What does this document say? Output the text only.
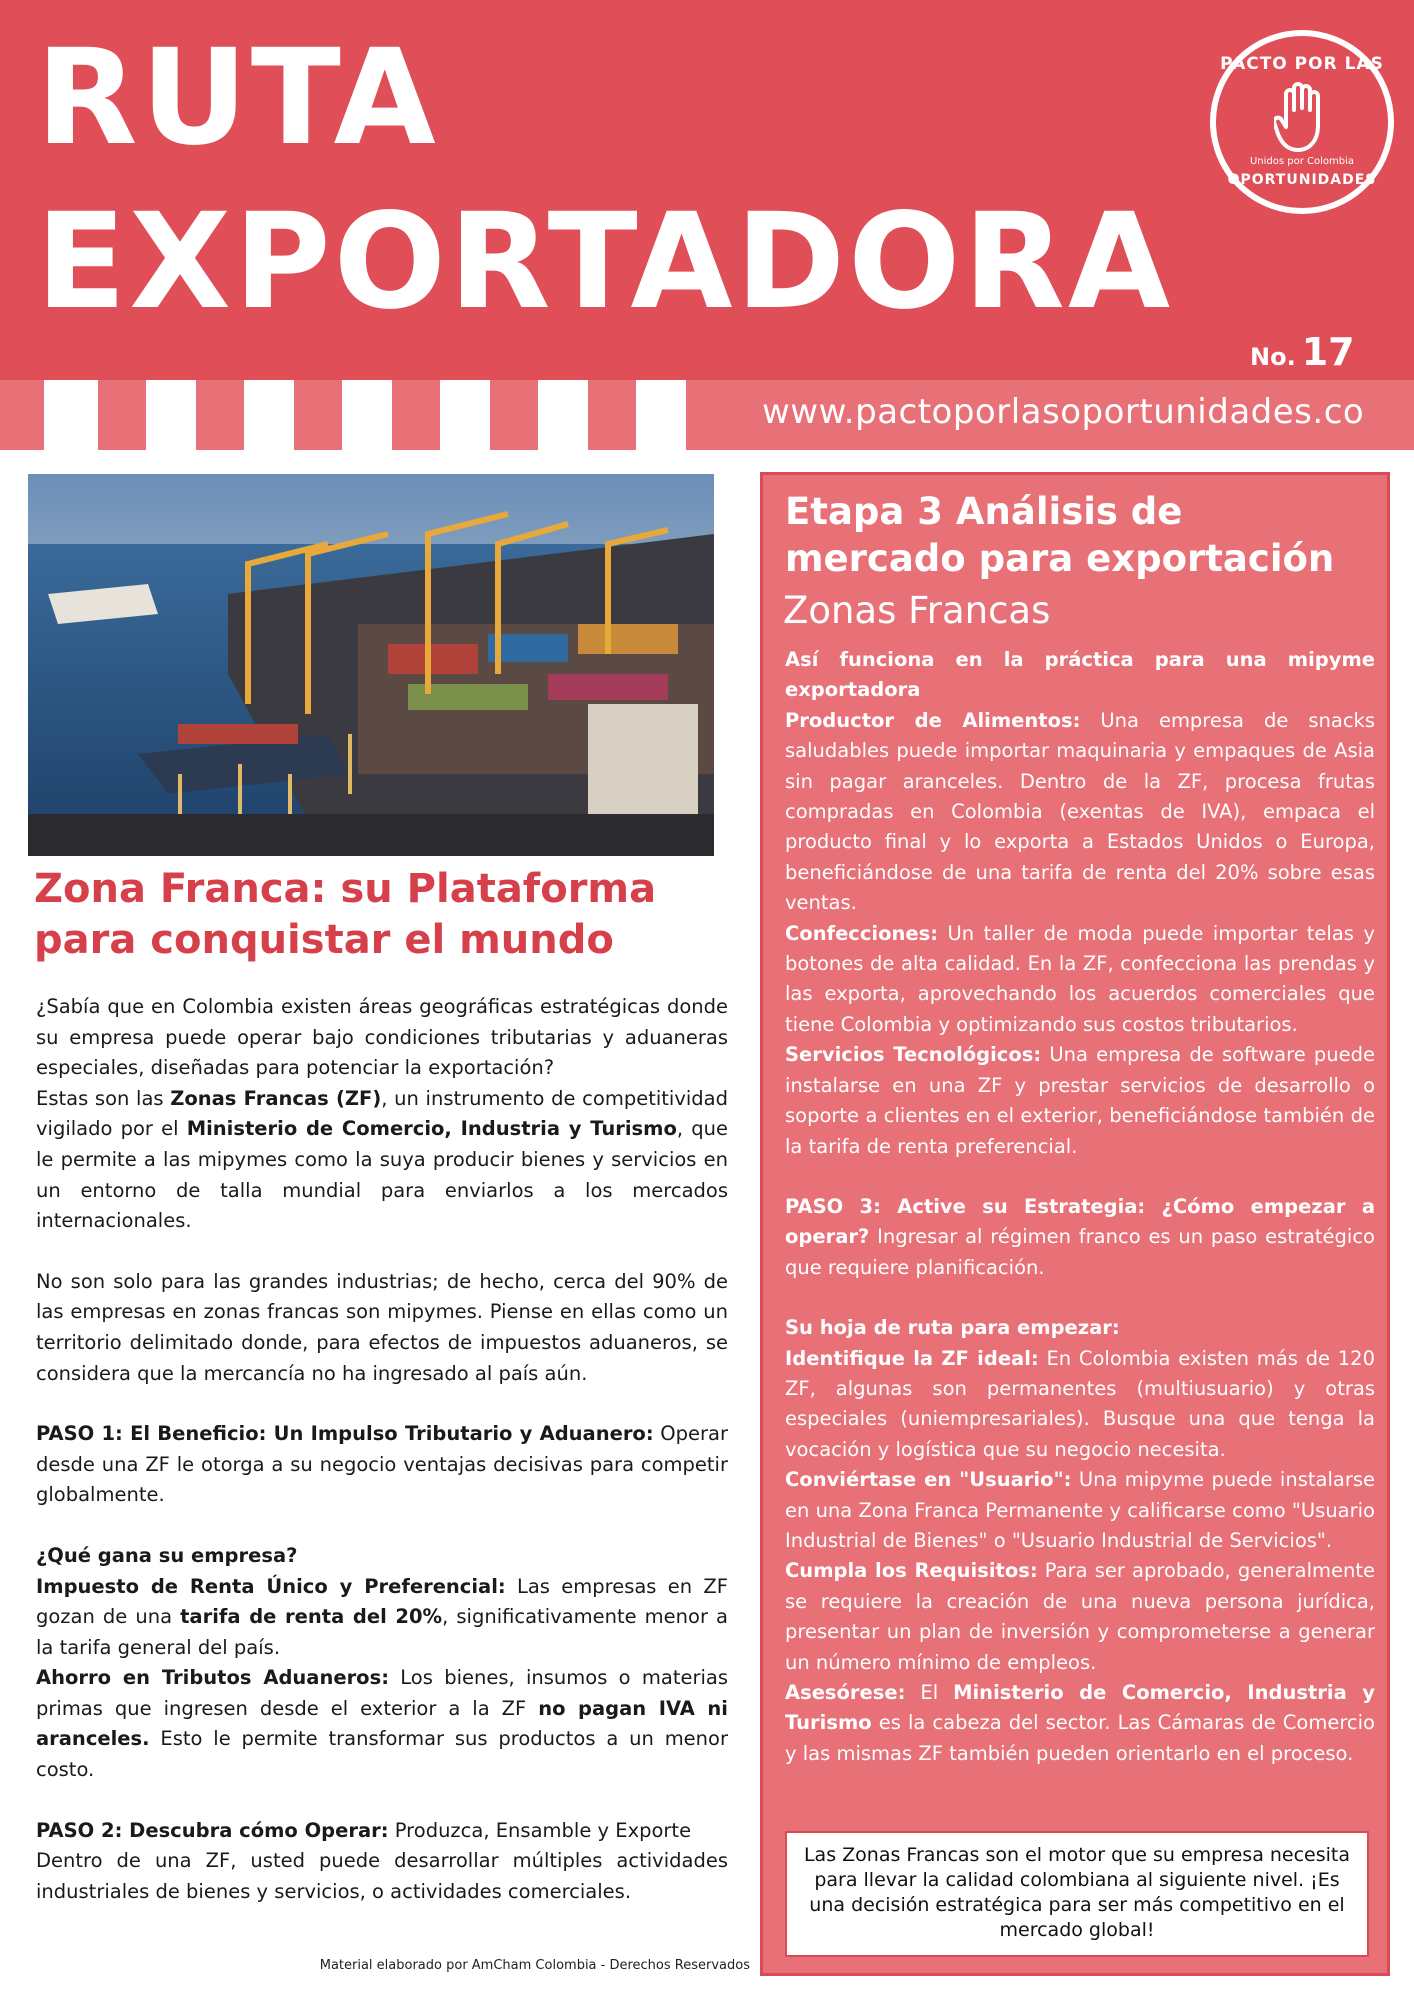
RUTA
EXPORTADORA
No. 17
PACTO POR LAS
Unidos por Colombia
OPORTUNIDADES
www.pactoporlasoportunidades.co
Zona Franca: su Plataforma para conquistar el mundo

¿Sabía que en Colombia existen áreas geográficas estratégicas donde su empresa puede operar bajo condiciones tributarias y aduaneras especiales, diseñadas para potenciar la exportación?

Estas son las Zonas Francas (ZF), un instrumento de competitividad vigilado por el Ministerio de Comercio, Industria y Turismo, que le permite a las mipymes como la suya producir bienes y servicios en un entorno de talla mundial para enviarlos a los mercados internacionales.

No son solo para las grandes industrias; de hecho, cerca del 90% de las empresas en zonas francas son mipymes. Piense en ellas como un territorio delimitado donde, para efectos de impuestos aduaneros, se considera que la mercancía no ha ingresado al país aún.

PASO 1: El Beneficio: Un Impulso Tributario y Aduanero: Operar desde una ZF le otorga a su negocio ventajas decisivas para competir globalmente.

¿Qué gana su empresa?

Impuesto de Renta Único y Preferencial: Las empresas en ZF gozan de una tarifa de renta del 20%, significativamente menor a la tarifa general del país.

Ahorro en Tributos Aduaneros: Los bienes, insumos o materias primas que ingresen desde el exterior a la ZF no pagan IVA ni aranceles. Esto le permite transformar sus productos a un menor costo.

PASO 2: Descubra cómo Operar: Produzca, Ensamble y Exporte

Dentro de una ZF, usted puede desarrollar múltiples actividades industriales de bienes y servicios, o actividades comerciales.

Material elaborado por AmCham Colombia - Derechos Reservados
Etapa 3 Análisis de mercado para exportación
Zonas Francas

Así funciona en la práctica para una mipyme exportadora

Productor de Alimentos: Una empresa de snacks saludables puede importar maquinaria y empaques de Asia sin pagar aranceles. Dentro de la ZF, procesa frutas compradas en Colombia (exentas de IVA), empaca el producto final y lo exporta a Estados Unidos o Europa, beneficiándose de una tarifa de renta del 20% sobre esas ventas.

Confecciones: Un taller de moda puede importar telas y botones de alta calidad. En la ZF, confecciona las prendas y las exporta, aprovechando los acuerdos comerciales que tiene Colombia y optimizando sus costos tributarios.

Servicios Tecnológicos: Una empresa de software puede instalarse en una ZF y prestar servicios de desarrollo o soporte a clientes en el exterior, beneficiándose también de la tarifa de renta preferencial.

PASO 3: Active su Estrategia: ¿Cómo empezar a operar? Ingresar al régimen franco es un paso estratégico que requiere planificación.

Su hoja de ruta para empezar:

Identifique la ZF ideal: En Colombia existen más de 120 ZF, algunas son permanentes (multiusuario) y otras especiales (uniempresariales). Busque una que tenga la vocación y logística que su negocio necesita.

Conviértase en "Usuario": Una mipyme puede instalarse en una Zona Franca Permanente y calificarse como "Usuario Industrial de Bienes" o "Usuario Industrial de Servicios".

Cumpla los Requisitos: Para ser aprobado, generalmente se requiere la creación de una nueva persona jurídica, presentar un plan de inversión y comprometerse a generar un número mínimo de empleos.

Asesórese: El Ministerio de Comercio, Industria y Turismo es la cabeza del sector. Las Cámaras de Comercio y las mismas ZF también pueden orientarlo en el proceso.

Las Zonas Francas son el motor que su empresa necesita para llevar la calidad colombiana al siguiente nivel. ¡Es una decisión estratégica para ser más competitivo en el mercado global!
